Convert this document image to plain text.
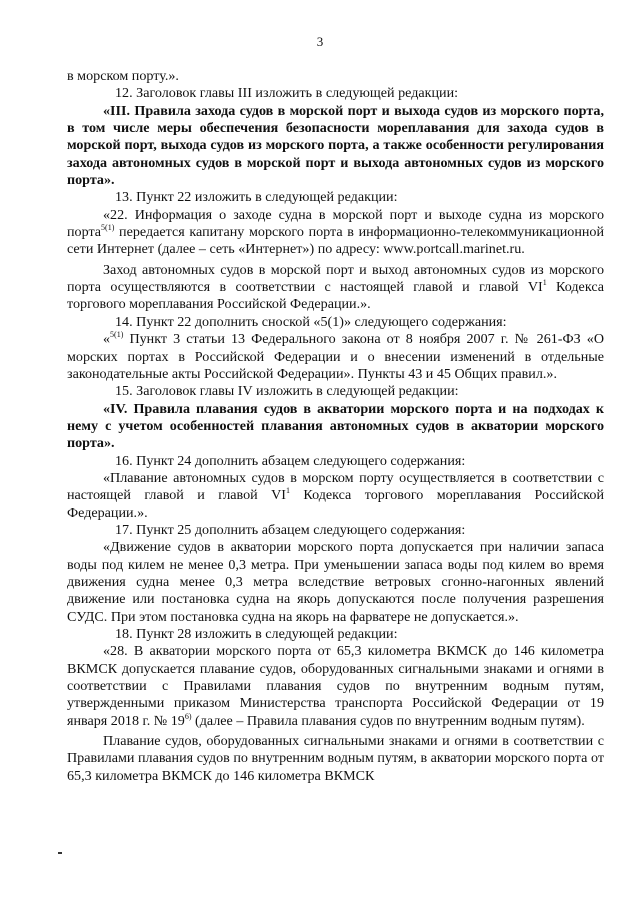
3

в морском порту.».

12. Заголовок главы III изложить в следующей редакции:

«III. Правила захода судов в морской порт и выхода судов из морского порта, в том числе меры обеспечения безопасности мореплавания для захода судов в морской порт, выхода судов из морского порта, а также особенности регулирования захода автономных судов в морской порт и выхода автономных судов из морского порта».

13. Пункт 22 изложить в следующей редакции:

«22. Информация о заходе судна в морской порт и выходе судна из морского порта$^{5(1)}$ передается капитану морского порта в информационно-телекоммуникационной сети Интернет (далее – сеть «Интернет») по адресу: www.portcall.marinet.ru.

Заход автономных судов в морской порт и выход автономных судов из морского порта осуществляются в соответствии с настоящей главой и главой $VI^1$ Кодекса торгового мореплавания Российской Федерации.».

14. Пункт 22 дополнить сноской «5(1)» следующего содержания:

«$^{5(1)}$ Пункт 3 статьи 13 Федерального закона от 8 ноября 2007 г. № 261-ФЗ «О морских портах в Российской Федерации и о внесении изменений в отдельные законодательные акты Российской Федерации». Пункты 43 и 45 Общих правил.».

15. Заголовок главы IV изложить в следующей редакции:

«IV. Правила плавания судов в акватории морского порта и на подходах к нему с учетом особенностей плавания автономных судов в акватории морского порта».

16. Пункт 24 дополнить абзацем следующего содержания:

«Плавание автономных судов в морском порту осуществляется в соответствии с настоящей главой и главой $VI^1$ Кодекса торгового мореплавания Российской Федерации.».

17. Пункт 25 дополнить абзацем следующего содержания:

«Движение судов в акватории морского порта допускается при наличии запаса воды под килем не менее 0,3 метра. При уменьшении запаса воды под килем во время движения судна менее 0,3 метра вследствие ветровых сгонно-нагонных явлений движение или постановка судна на якорь допускаются после получения разрешения СУДС. При этом постановка судна на якорь на фарватере не допускается.».

18. Пункт 28 изложить в следующей редакции:

«28. В акватории морского порта от 65,3 километра ВКМСК до 146 километра ВКМСК допускается плавание судов, оборудованных сигнальными знаками и огнями в соответствии с Правилами плавания судов по внутренним водным путям, утвержденными приказом Министерства транспорта Российской Федерации от 19 января 2018 г. № 19$^{6)}$ (далее – Правила плавания судов по внутренним водным путям).

Плавание судов, оборудованных сигнальными знаками и огнями в соответствии с Правилами плавания судов по внутренним водным путям, в акватории морского порта от 65,3 километра ВКМСК до 146 километра ВКМСК
